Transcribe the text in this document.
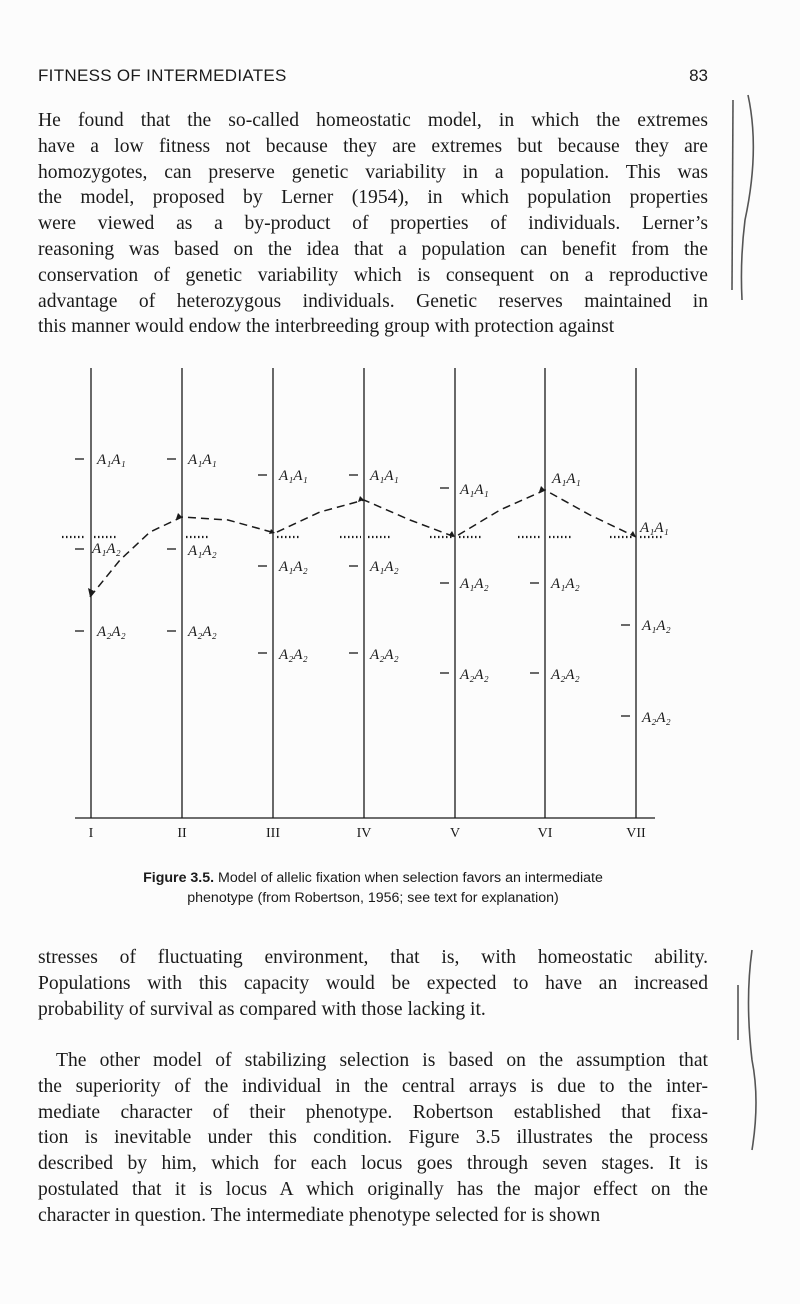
FITNESS OF INTERMEDIATES	83

He found that the so-called homeostatic model, in which the extremes
have a low fitness not because they are extremes but because they are
homozygotes, can preserve genetic variability in a population. This was
the model, proposed by Lerner (1954), in which population properties
were viewed as a by-product of properties of individuals. Lerner’s
reasoning was based on the idea that a population can benefit from the
conservation of genetic variability which is consequent on a reproductive
advantage of heterozygous individuals. Genetic reserves maintained in
this manner would endow the interbreeding group with protection against

A₁A₁
A₁A₂
A₂A₂
A₁A₁
A₁A₂
A₂A₂
A₁A₁
A₁A₂
A₂A₂
A₁A₁
A₁A₂
A₂A₂
A₁A₁
A₁A₂
A₂A₂
A₁A₁
A₁A₂
A₂A₂
A₁A₁
A₁A₂
A₂A₂
I	II	III	IV	V	VI	VII
Figure 3.5. Model of allelic fixation when selection favors an intermediate
phenotype (from Robertson, 1956; see text for explanation)

stresses of fluctuating environment, that is, with homeostatic ability.
Populations with this capacity would be expected to have an increased
probability of survival as compared with those lacking it.

The other model of stabilizing selection is based on the assumption that
the superiority of the individual in the central arrays is due to the inter-
mediate character of their phenotype. Robertson established that fixa-
tion is inevitable under this condition. Figure 3.5 illustrates the process
described by him, which for each locus goes through seven stages. It is
postulated that it is locus A which originally has the major effect on the
character in question. The intermediate phenotype selected for is shown
